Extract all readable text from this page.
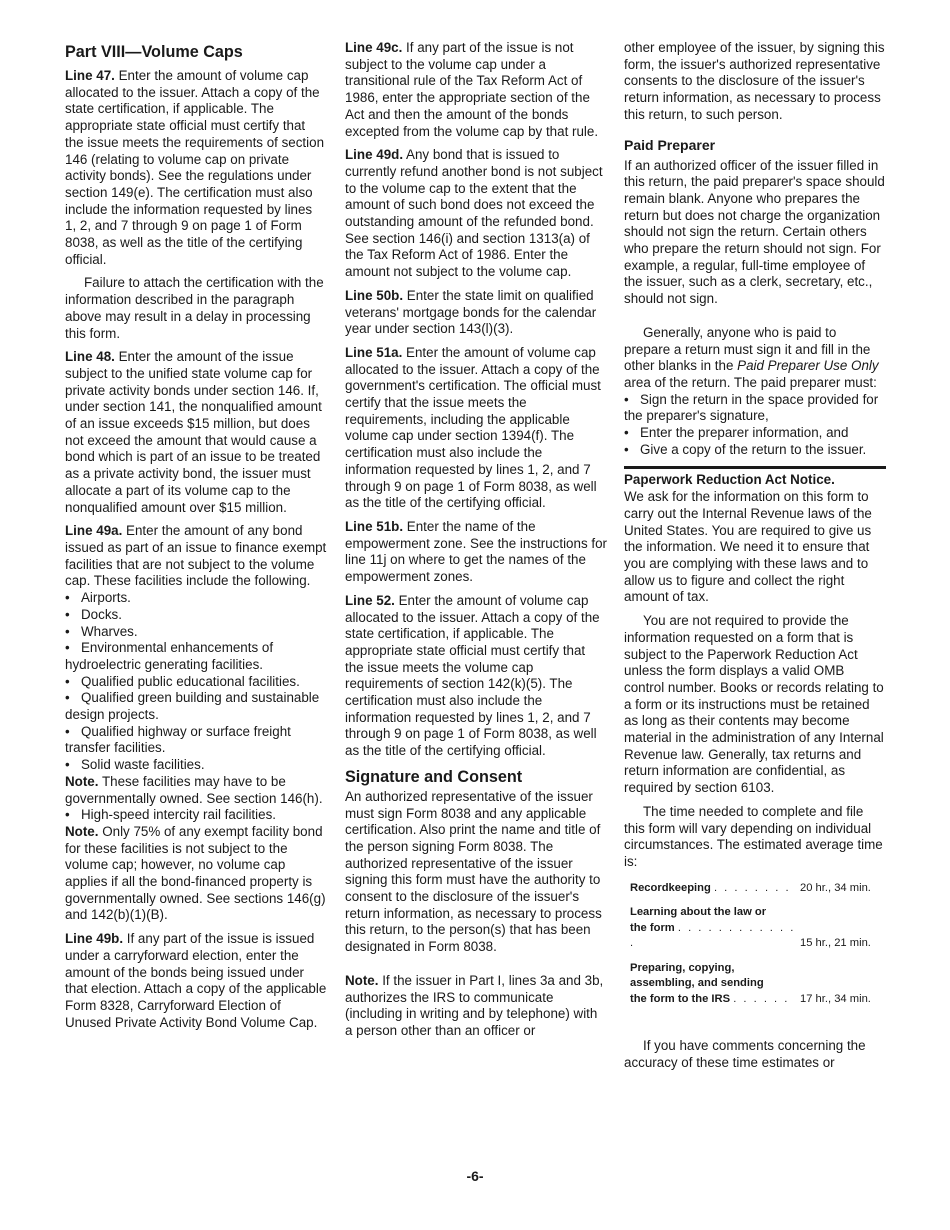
Part VIII—Volume Caps

Line 47. Enter the amount of volume cap allocated to the issuer. Attach a copy of the state certification, if applicable. The appropriate state official must certify that the issue meets the requirements of section 146 (relating to volume cap on private activity bonds). See the regulations under section 149(e). The certification must also include the information requested by lines 1, 2, and 7 through 9 on page 1 of Form 8038, as well as the title of the certifying official.

Failure to attach the certification with the information described in the paragraph above may result in a delay in processing this form.

Line 48. Enter the amount of the issue subject to the unified state volume cap for private activity bonds under section 146. If, under section 141, the nonqualified amount of an issue exceeds $15 million, but does not exceed the amount that would cause a bond which is part of an issue to be treated as a private activity bond, the issuer must allocate a part of its volume cap to the nonqualified amount over $15 million.

Line 49a. Enter the amount of any bond issued as part of an issue to finance exempt facilities that are not subject to the volume cap. These facilities include the following.

• Airports.
• Docks.
• Wharves.
• Environmental enhancements of hydroelectric generating facilities.
• Qualified public educational facilities.
• Qualified green building and sustainable design projects.
• Qualified highway or surface freight transfer facilities.
• Solid waste facilities.

Note. These facilities may have to be governmentally owned. See section 146(h).

• High-speed intercity rail facilities.

Note. Only 75% of any exempt facility bond for these facilities is not subject to the volume cap; however, no volume cap applies if all the bond-financed property is governmentally owned. See sections 146(g) and 142(b)(1)(B).

Line 49b. If any part of the issue is issued under a carryforward election, enter the amount of the bonds being issued under that election. Attach a copy of the applicable Form 8328, Carryforward Election of Unused Private Activity Bond Volume Cap.

Line 49c. If any part of the issue is not subject to the volume cap under a transitional rule of the Tax Reform Act of 1986, enter the appropriate section of the Act and then the amount of the bonds excepted from the volume cap by that rule.

Line 49d. Any bond that is issued to currently refund another bond is not subject to the volume cap to the extent that the amount of such bond does not exceed the outstanding amount of the refunded bond. See section 146(i) and section 1313(a) of the Tax Reform Act of 1986. Enter the amount not subject to the volume cap.

Line 50b. Enter the state limit on qualified veterans' mortgage bonds for the calendar year under section 143(l)(3).

Line 51a. Enter the amount of volume cap allocated to the issuer. Attach a copy of the government's certification. The official must certify that the issue meets the requirements, including the applicable volume cap under section 1394(f). The certification must also include the information requested by lines 1, 2, and 7 through 9 on page 1 of Form 8038, as well as the title of the certifying official.

Line 51b. Enter the name of the empowerment zone. See the instructions for line 11j on where to get the names of the empowerment zones.

Line 52. Enter the amount of volume cap allocated to the issuer. Attach a copy of the state certification, if applicable. The appropriate state official must certify that the issue meets the volume cap requirements of section 142(k)(5). The certification must also include the information requested by lines 1, 2, and 7 through 9 on page 1 of Form 8038, as well as the title of the certifying official.

Signature and Consent

An authorized representative of the issuer must sign Form 8038 and any applicable certification. Also print the name and title of the person signing Form 8038. The authorized representative of the issuer signing this form must have the authority to consent to the disclosure of the issuer's return information, as necessary to process this return, to the person(s) that has been designated in Form 8038.

Note. If the issuer in Part I, lines 3a and 3b, authorizes the IRS to communicate (including in writing and by telephone) with a person other than an officer or

other employee of the issuer, by signing this form, the issuer's authorized representative consents to the disclosure of the issuer's return information, as necessary to process this return, to such person.

Paid Preparer

If an authorized officer of the issuer filled in this return, the paid preparer's space should remain blank. Anyone who prepares the return but does not charge the organization should not sign the return. Certain others who prepare the return should not sign. For example, a regular, full-time employee of the issuer, such as a clerk, secretary, etc., should not sign.

Generally, anyone who is paid to prepare a return must sign it and fill in the other blanks in the Paid Preparer Use Only area of the return. The paid preparer must:

• Sign the return in the space provided for the preparer's signature,
• Enter the preparer information, and
• Give a copy of the return to the issuer.
Paperwork Reduction Act Notice.

We ask for the information on this form to carry out the Internal Revenue laws of the United States. You are required to give us the information. We need it to ensure that you are complying with these laws and to allow us to figure and collect the right amount of tax.

You are not required to provide the information requested on a form that is subject to the Paperwork Reduction Act unless the form displays a valid OMB control number. Books or records relating to a form or its instructions must be retained as long as their contents may become material in the administration of any Internal Revenue law. Generally, tax returns and return information are confidential, as required by section 6103.

The time needed to complete and file this form will vary depending on individual circumstances. The estimated average time is:

Recordkeeping . . . . . . . . 20 hr., 34 min.
Learning about the law or
the form . . . . . . . . . . . . .	15 hr., 21 min.
Preparing, copying,
assembling, and sending
the form to the IRS . . . . . . 17 hr., 34 min.

If you have comments concerning the accuracy of these time estimates or

-6-
